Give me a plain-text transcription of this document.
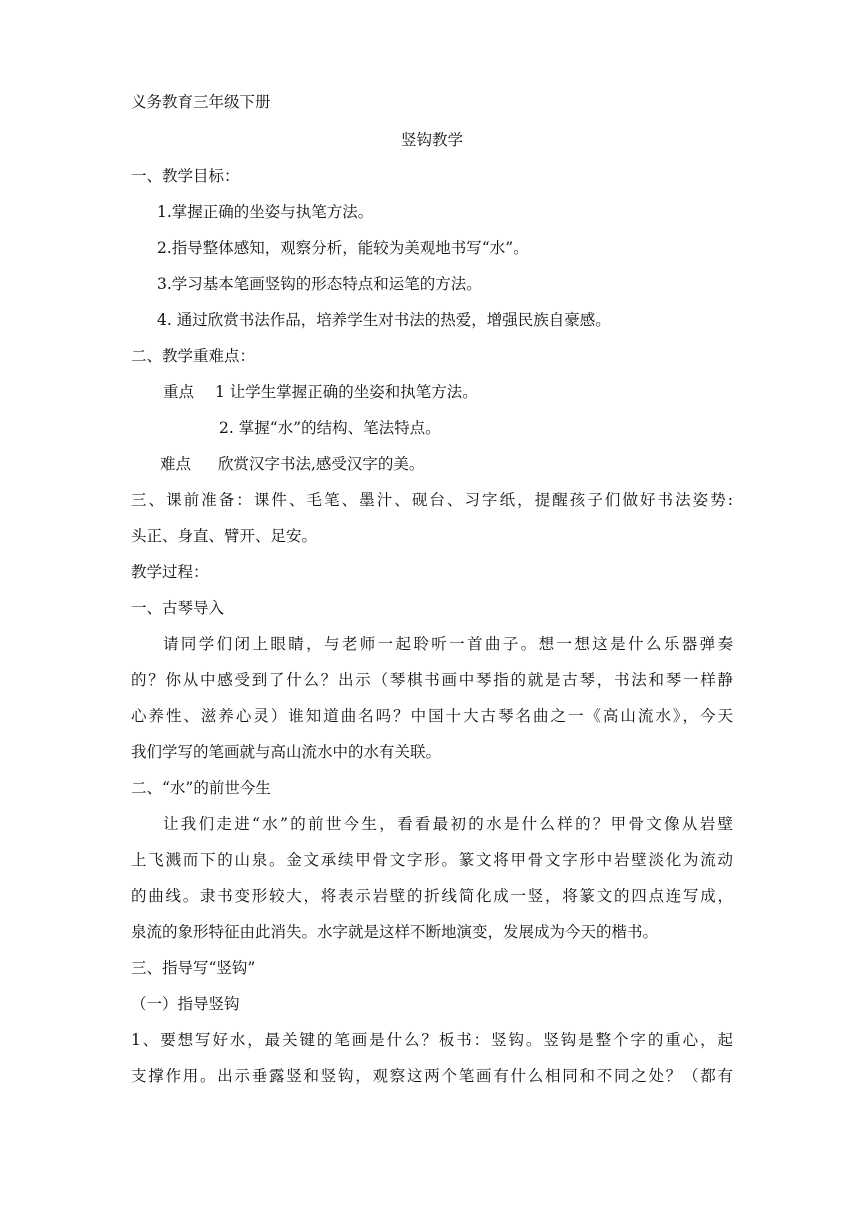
义务教育三年级下册
竖钩教学
一、教学目标：
1.掌握正确的坐姿与执笔方法。
2.指导整体感知，观察分析，能较为美观地书写“水”。
3.学习基本笔画竖钩的形态特点和运笔的方法。
4. 通过欣赏书法作品，培养学生对书法的热爱，增强民族自豪感。
二、教学重难点：
重点 1 让学生掌握正确的坐姿和执笔方法。
2. 掌握“水”的结构、笔法特点。
难点 欣赏汉字书法,感受汉字的美。
三、课前准备：课件、毛笔、墨汁、砚台、习字纸，提醒孩子们做好书法姿势:
头正、身直、臂开、足安。
教学过程：
一、古琴导入
请同学们闭上眼睛，与老师一起聆听一首曲子。想一想这是什么乐器弹奏
的？你从中感受到了什么？出示（琴棋书画中琴指的就是古琴，书法和琴一样静
心养性、滋养心灵）谁知道曲名吗？中国十大古琴名曲之一《高山流水》，今天
我们学写的笔画就与高山流水中的水有关联。
二、“水”的前世今生
让我们走进“水”的前世今生，看看最初的水是什么样的？甲骨文像从岩壁
上飞溅而下的山泉。金文承续甲骨文字形。篆文将甲骨文字形中岩壁淡化为流动
的曲线。隶书变形较大，将表示岩壁的折线简化成一竖，将篆文的四点连写成，
泉流的象形特征由此消失。水字就是这样不断地演变，发展成为今天的楷书。
三、指导写“竖钩”
（一）指导竖钩
1、要想写好水，最关键的笔画是什么？板书：竖钩。竖钩是整个字的重心，起
支撑作用。出示垂露竖和竖钩，观察这两个笔画有什么相同和不同之处？（都有
